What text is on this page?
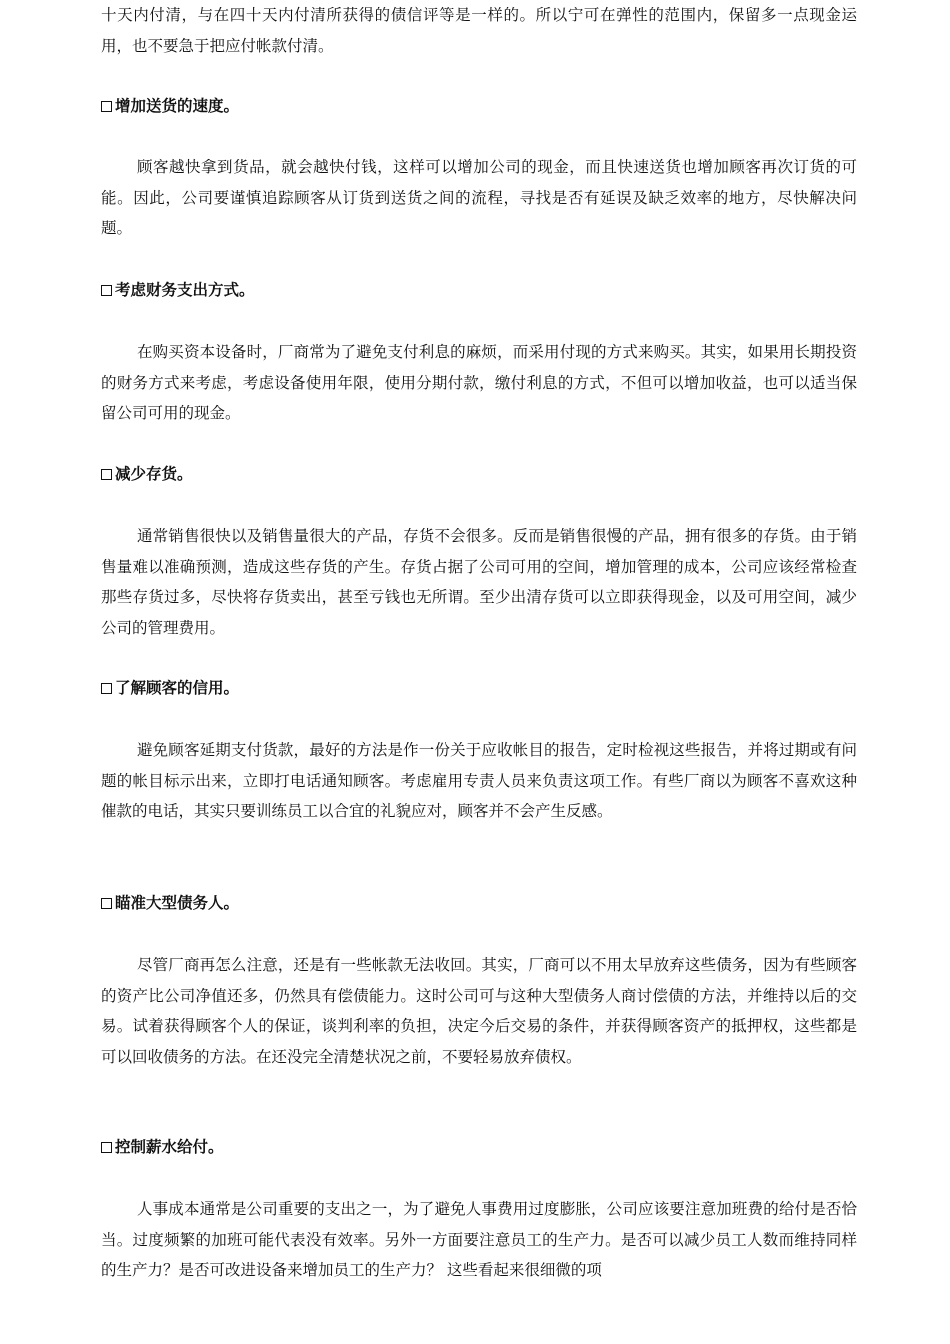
十天内付清，与在四十天内付清所获得的债信评等是一样的。所以宁可在弹性的范围内，保留多一点现金运用，也不要急于把应付帐款付清。

增加送货的速度。

顾客越快拿到货品，就会越快付钱，这样可以增加公司的现金，而且快速送货也增加顾客再次订货的可能。因此，公司要谨慎追踪顾客从订货到送货之间的流程，寻找是否有延误及缺乏效率的地方，尽快解决问题。

考虑财务支出方式。

在购买资本设备时，厂商常为了避免支付利息的麻烦，而采用付现的方式来购买。其实，如果用长期投资的财务方式来考虑，考虑设备使用年限，使用分期付款，缴付利息的方式，不但可以增加收益，也可以适当保留公司可用的现金。

减少存货。

通常销售很快以及销售量很大的产品，存货不会很多。反而是销售很慢的产品，拥有很多的存货。由于销售量难以准确预测，造成这些存货的产生。存货占据了公司可用的空间，增加管理的成本，公司应该经常检查那些存货过多，尽快将存货卖出，甚至亏钱也无所谓。至少出清存货可以立即获得现金，以及可用空间，减少公司的管理费用。

了解顾客的信用。

避免顾客延期支付货款，最好的方法是作一份关于应收帐目的报告，定时检视这些报告，并将过期或有问题的帐目标示出来，立即打电话通知顾客。考虑雇用专责人员来负责这项工作。有些厂商以为顾客不喜欢这种催款的电话，其实只要训练员工以合宜的礼貌应对，顾客并不会产生反感。

瞄准大型债务人。

尽管厂商再怎么注意，还是有一些帐款无法收回。其实，厂商可以不用太早放弃这些债务，因为有些顾客的资产比公司净值还多，仍然具有偿债能力。这时公司可与这种大型债务人商讨偿债的方法，并维持以后的交易。试着获得顾客个人的保证，谈判利率的负担，决定今后交易的条件，并获得顾客资产的抵押权，这些都是可以回收债务的方法。在还没完全清楚状况之前，不要轻易放弃债权。

控制薪水给付。

人事成本通常是公司重要的支出之一，为了避免人事费用过度膨胀，公司应该要注意加班费的给付是否恰当。过度频繁的加班可能代表没有效率。另外一方面要注意员工的生产力。是否可以减少员工人数而维持同样的生产力？是否可改进设备来增加员工的生产力？ 这些看起来很细微的项
